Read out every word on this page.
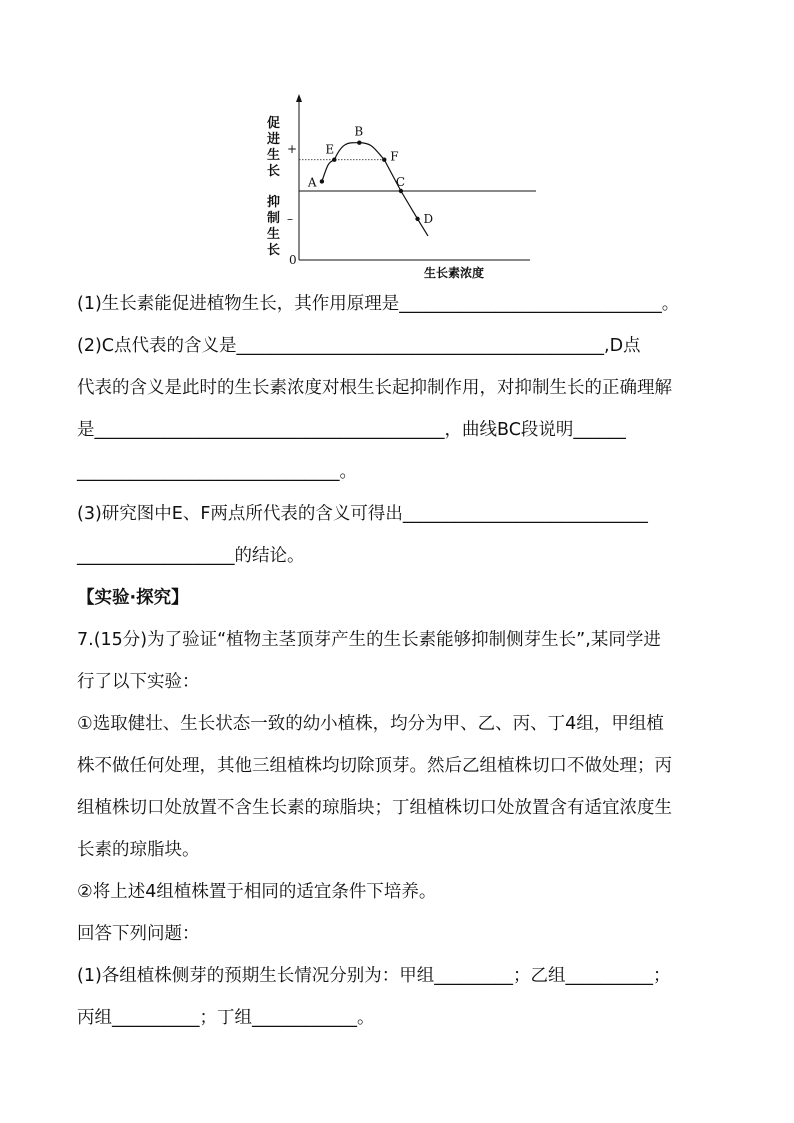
促
进
生
长
抑
制
生
长
+
–
0
生长素浓度
A
E
B
F
C
D
(1)生长素能促进植物生长，其作用原理是______________________________。
(2)C点代表的含义是__________________________________________,D点
代表的含义是此时的生长素浓度对根生长起抑制作用，对抑制生长的正确理解
是________________________________________，曲线BC段说明______
______________________________。
(3)研究图中E、F两点所代表的含义可得出____________________________
__________________的结论。
【实验·探究】
7.(15分)为了验证“植物主茎顶芽产生的生长素能够抑制侧芽生长”,某同学进
行了以下实验：
①选取健壮、生长状态一致的幼小植株，均分为甲、乙、丙、丁4组，甲组植
株不做任何处理，其他三组植株均切除顶芽。然后乙组植株切口不做处理；丙
组植株切口处放置不含生长素的琼脂块；丁组植株切口处放置含有适宜浓度生
长素的琼脂块。
②将上述4组植株置于相同的适宜条件下培养。
回答下列问题：
(1)各组植株侧芽的预期生长情况分别为：甲组_________；乙组__________；
丙组__________；丁组____________。
